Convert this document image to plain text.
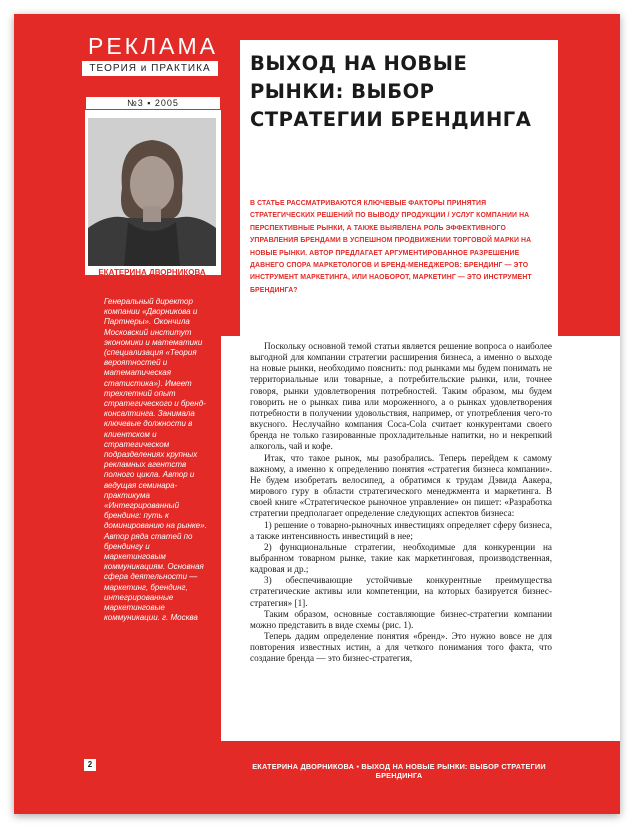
РЕКЛАМА
ТЕОРИЯ и ПРАКТИКА
№3 ▪ 2005
ЕКАТЕРИНА ДВОРНИКОВА
Генеральный директор компании «Дворникова и Партнеры». Окончила Московский институт экономики и математики (специализация «Теория вероятностей и математическая статистика»). Имеет трехлетний опыт стратегического и бренд-консалтинга. Занимала ключевые должности в клиентском и стратегическом подразделениях крупных рекламных агентств полного цикла. Автор и ведущая семинара-практикума «Интегрированный брендинг: путь к доминированию на рынке». Автор ряда статей по брендингу и маркетинговым коммуникациям. Основная сфера деятельности — маркетинг, брендинг, интегрированные маркетинговые коммуникации. г. Москва
ВЫХОД НА НОВЫЕ РЫНКИ: ВЫБОР СТРАТЕГИИ БРЕНДИНГА
В СТАТЬЕ РАССМАТРИВАЮТСЯ КЛЮЧЕВЫЕ ФАКТОРЫ ПРИНЯТИЯ СТРАТЕГИЧЕСКИХ РЕШЕНИЙ ПО ВЫВОДУ ПРОДУКЦИИ / УСЛУГ КОМПАНИИ НА ПЕРСПЕКТИВНЫЕ РЫНКИ, А ТАКЖЕ ВЫЯВЛЕНА РОЛЬ ЭФФЕКТИВНОГО УПРАВЛЕНИЯ БРЕНДАМИ В УСПЕШНОМ ПРОДВИЖЕНИИ ТОРГОВОЙ МАРКИ НА НОВЫЕ РЫНКИ. АВТОР ПРЕДЛАГАЕТ АРГУМЕНТИРОВАННОЕ РАЗРЕШЕНИЕ ДАВНЕГО СПОРА МАРКЕТОЛОГОВ И БРЕНД-МЕНЕДЖЕРОВ: БРЕНДИНГ — ЭТО ИНСТРУМЕНТ МАРКЕТИНГА, ИЛИ НАОБОРОТ, МАРКЕТИНГ — ЭТО ИНСТРУМЕНТ БРЕНДИНГА?

Поскольку основной темой статьи является решение вопроса о наиболее выгодной для компании стратегии расширения бизнеса, а именно о выходе на новые рынки, необходимо пояснить: под рынками мы будем понимать не территориальные или товарные, а потребительские рынки, или, точнее говоря, рынки удовлетворения потребностей. Таким образом, мы будем говорить не о рынках пива или мороженного, а о рынках удовлетворения потребности в получении удовольствия, например, от употребления чего-то вкусного. Неслучайно компания Coca-Cola считает конкурентами своего бренда не только газированные прохладительные напитки, но и некрепкий алкоголь, чай и кофе.

Итак, что такое рынок, мы разобрались. Теперь перейдем к самому важному, а именно к определению понятия «стратегия бизнеса компании». Не будем изобретать велосипед, а обратимся к трудам Дэвида Аакера, мирового гуру в области стратегического менеджмента и маркетинга. В своей книге «Стратегическое рыночное управление» он пишет: «Разработка стратегии предполагает определение следующих аспектов бизнеса:

1) решение о товарно-рыночных инвестициях определяет сферу бизнеса, а также интенсивность инвестиций в нее;

2) функциональные стратегии, необходимые для конкуренции на выбранном товарном рынке, такие как маркетинговая, производственная, кадровая и др.;

3) обеспечивающие устойчивые конкурентные преимущества стратегические активы или компетенции, на которых базируется бизнес-стратегия» [1].

Таким образом, основные составляющие бизнес-стратегии компании можно представить в виде схемы (рис. 1).

Теперь дадим определение понятия «бренд». Это нужно вовсе не для повторения известных истин, а для четкого понимания того факта, что создание бренда — это бизнес-стратегия,

2	ЕКАТЕРИНА ДВОРНИКОВА ▪ ВЫХОД НА НОВЫЕ РЫНКИ: ВЫБОР СТРАТЕГИИ БРЕНДИНГА
